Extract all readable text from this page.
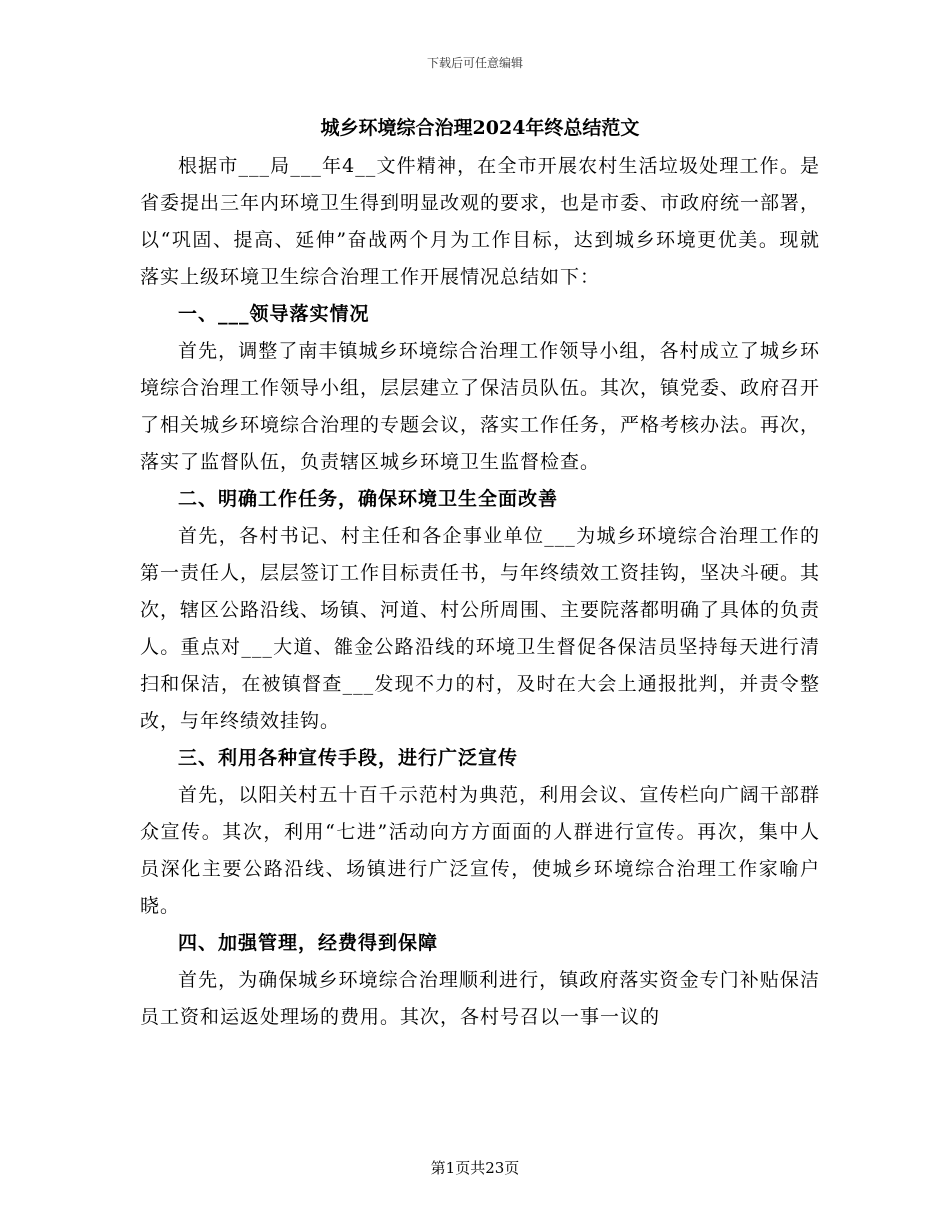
下载后可任意编辑
城乡环境综合治理2024年终总结范文

根据市___局___年4__文件精神，在全市开展农村生活垃圾处理工作。是省委提出三年内环境卫生得到明显改观的要求，也是市委、市政府统一部署，以“巩固、提高、延伸”奋战两个月为工作目标，达到城乡环境更优美。现就落实上级环境卫生综合治理工作开展情况总结如下：

一、___领导落实情况

首先，调整了南丰镇城乡环境综合治理工作领导小组，各村成立了城乡环境综合治理工作领导小组，层层建立了保洁员队伍。其次，镇党委、政府召开了相关城乡环境综合治理的专题会议，落实工作任务，严格考核办法。再次，落实了监督队伍，负责辖区城乡环境卫生监督检查。

二、明确工作任务，确保环境卫生全面改善

首先，各村书记、村主任和各企事业单位___为城乡环境综合治理工作的第一责任人，层层签订工作目标责任书，与年终绩效工资挂钩，坚决斗硬。其次，辖区公路沿线、场镇、河道、村公所周围、主要院落都明确了具体的负责人。重点对___大道、雒金公路沿线的环境卫生督促各保洁员坚持每天进行清扫和保洁，在被镇督查___发现不力的村，及时在大会上通报批判，并责令整改，与年终绩效挂钩。

三、利用各种宣传手段，进行广泛宣传

首先，以阳关村五十百千示范村为典范，利用会议、宣传栏向广阔干部群众宣传。其次，利用“七进”活动向方方面面的人群进行宣传。再次，集中人员深化主要公路沿线、场镇进行广泛宣传，使城乡环境综合治理工作家喻户晓。

四、加强管理，经费得到保障

首先，为确保城乡环境综合治理顺利进行，镇政府落实资金专门补贴保洁员工资和运返处理场的费用。其次，各村号召以一事一议的

第1页共23页
